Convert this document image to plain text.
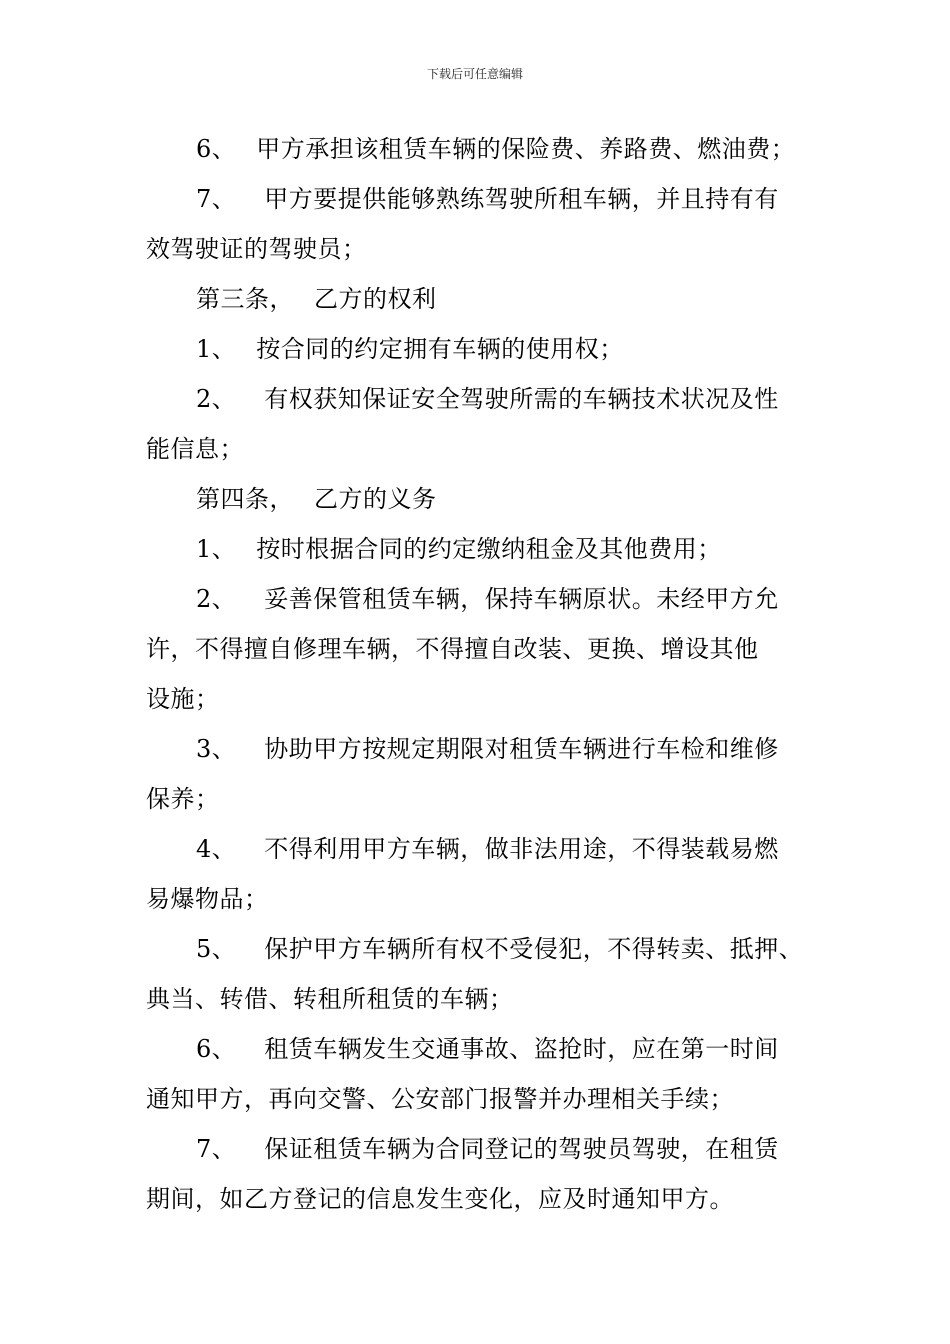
下载后可任意编辑
6、 甲方承担该租赁车辆的保险费、养路费、燃油费；
7、 甲方要提供能够熟练驾驶所租车辆，并且持有有
效驾驶证的驾驶员；
第三条， 乙方的权利
1、 按合同的约定拥有车辆的使用权；
2、 有权获知保证安全驾驶所需的车辆技术状况及性
能信息；
第四条， 乙方的义务
1、 按时根据合同的约定缴纳租金及其他费用；
2、 妥善保管租赁车辆，保持车辆原状。未经甲方允
许，不得擅自修理车辆，不得擅自改装、更换、增设其他
设施；
3、 协助甲方按规定期限对租赁车辆进行车检和维修
保养；
4、 不得利用甲方车辆，做非法用途，不得装载易燃
易爆物品；
5、 保护甲方车辆所有权不受侵犯，不得转卖、抵押、
典当、转借、转租所租赁的车辆；
6、 租赁车辆发生交通事故、盗抢时，应在第一时间
通知甲方，再向交警、公安部门报警并办理相关手续；
7、 保证租赁车辆为合同登记的驾驶员驾驶，在租赁
期间，如乙方登记的信息发生变化，应及时通知甲方。
